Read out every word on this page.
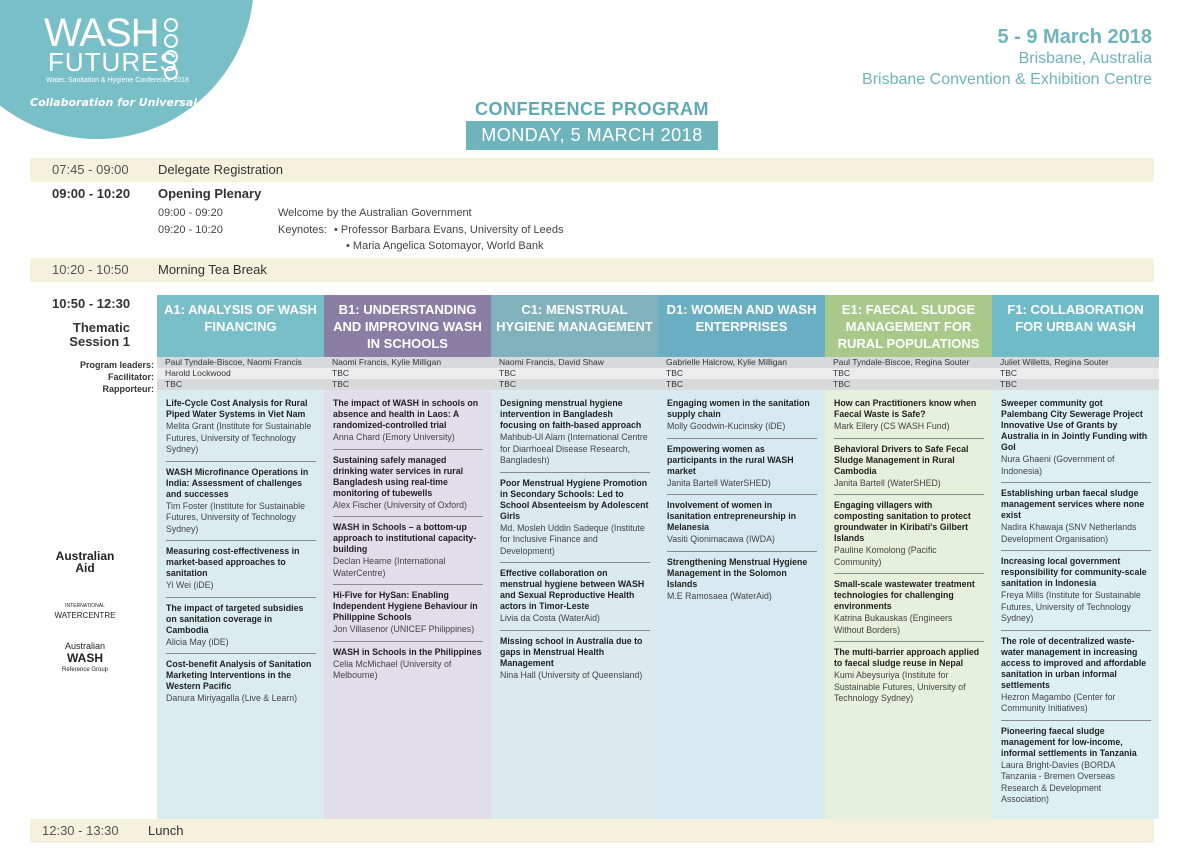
WASH
FUTURES
Water, Sanitation & Hygiene Conference 2018
Collaboration for Universal WASH
5 - 9 March 2018
Brisbane, Australia
Brisbane Convention & Exhibition Centre
CONFERENCE PROGRAM
MONDAY, 5 MARCH 2018
07:45 - 09:00 Delegate Registration
09:00 - 10:20 Opening Plenary
09:00 - 09:20	Welcome by the Australian Government
09:20 - 10:20	Keynotes: • Professor Barbara Evans, University of Leeds
• Maria Angelica Sotomayor, World Bank
10:20 - 10:50 Morning Tea Break
10:50 - 12:30
Thematic Session 1
Program leaders:
Facilitator:
Rapporteur:
Australian Aid
INTERNATIONAL
WATERCENTRE
Australian
WASH
Reference Group
A1: ANALYSIS OF WASH FINANCING
Paul Tyndale-Biscoe, Naomi Francis
Harold Lockwood
TBC
Life-Cycle Cost Analysis for Rural Piped Water Systems in Viet Nam
Melita Grant (Institute for Sustainable Futures, University of Technology Sydney)
WASH Microfinance Operations in India: Assessment of challenges and successes
Tim Foster (Institute for Sustainable Futures, University of Technology Sydney)
Measuring cost-effectiveness in market-based approaches to sanitation
Yi Wei (iDE)
The impact of targeted subsidies on sanitation coverage in Cambodia
Alicia May (iDE)
Cost-benefit Analysis of Sanitation Marketing Interventions in the Western Pacific
Danura Miriyagalla (Live & Learn)
B1: UNDERSTANDING AND IMPROVING WASH IN SCHOOLS
Naomi Francis, Kylie Milligan
TBC
TBC
The impact of WASH in schools on absence and health in Laos: A randomized-controlled trial
Anna Chard (Emory University)
Sustaining safely managed drinking water services in rural Bangladesh using real-time monitoring of tubewells
Alex Fischer (University of Oxford)
WASH in Schools – a bottom-up approach to institutional capacity-building
Declan Hearne (International WaterCentre)
Hi-Five for HySan: Enabling Independent Hygiene Behaviour in Philippine Schools
Jon Villasenor (UNICEF Philippines)
WASH in Schools in the Philippines
Celia McMichael (University of Melbourne)
C1: MENSTRUAL HYGIENE MANAGEMENT
Naomi Francis, David Shaw
TBC
TBC
Designing menstrual hygiene intervention in Bangladesh focusing on faith-based approach
Mahbub-Ul Alam (International Centre for Diarrhoeal Disease Research, Bangladesh)
Poor Menstrual Hygiene Promotion in Secondary Schools: Led to School Absenteeism by Adolescent Girls
Md. Mosleh Uddin Sadeque (Institute for Inclusive Finance and Development)
Effective collaboration on menstrual hygiene between WASH and Sexual Reproductive Health actors in Timor-Leste
Livia da Costa (WaterAid)
Missing school in Australia due to gaps in Menstrual Health Management
Nina Hall (University of Queensland)
D1: WOMEN AND WASH ENTERPRISES
Gabrielle Halcrow, Kylie Milligan
TBC
TBC
Engaging women in the sanitation supply chain
Molly Goodwin-Kucinsky (iDE)
Empowering women as participants in the rural WASH market
Janita Bartell WaterSHED)
Involvement of women in Isanitation entrepreneurship in Melanesia
Vasiti Qionimacawa (IWDA)
Strengthening Menstrual Hygiene Management in the Solomon Islands
M.E Ramosaea (WaterAid)
E1: FAECAL SLUDGE MANAGEMENT FOR RURAL POPULATIONS
Paul Tyndale-Biscoe, Regina Souter
TBC
TBC
How can Practitioners know when Faecal Waste is Safe?
Mark Ellery (CS WASH Fund)
Behavioral Drivers to Safe Fecal Sludge Management in Rural Cambodia
Janita Bartell (WaterSHED)
Engaging villagers with composting sanitation to protect groundwater in Kiribati's Gilbert Islands
Pauline Komolong (Pacific Community)
Small-scale wastewater treatment technologies for challenging environments
Katrina Bukauskas (Engineers Without Borders)
The multi-barrier approach applied to faecal sludge reuse in Nepal
Kumi Abeysuriya (Institute for Sustainable Futures, University of Technology Sydney)
F1: COLLABORATION FOR URBAN WASH
Juliet Willetts, Regina Souter
TBC
TBC
Sweeper community got Palembang City Sewerage Project Innovative Use of Grants by Australia in in Jointly Funding with GoI
Nura Ghaeni (Government of Indonesia)
Establishing urban faecal sludge management services where none exist
Nadira Khawaja (SNV Netherlands Development Organisation)
Increasing local government responsibility for community-scale sanitation in Indonesia
Freya Mills (Institute for Sustainable Futures, University of Technology Sydney)
The role of decentralized waste-water management in increasing access to improved and affordable sanitation in urban informal settlements
Hezron Magambo (Center for Community Initiatives)
Pioneering faecal sludge management for low-income, informal settlements in Tanzania
Laura Bright-Davies (BORDA Tanzania - Bremen Overseas Research & Development Association)
12:30 - 13:30 Lunch
